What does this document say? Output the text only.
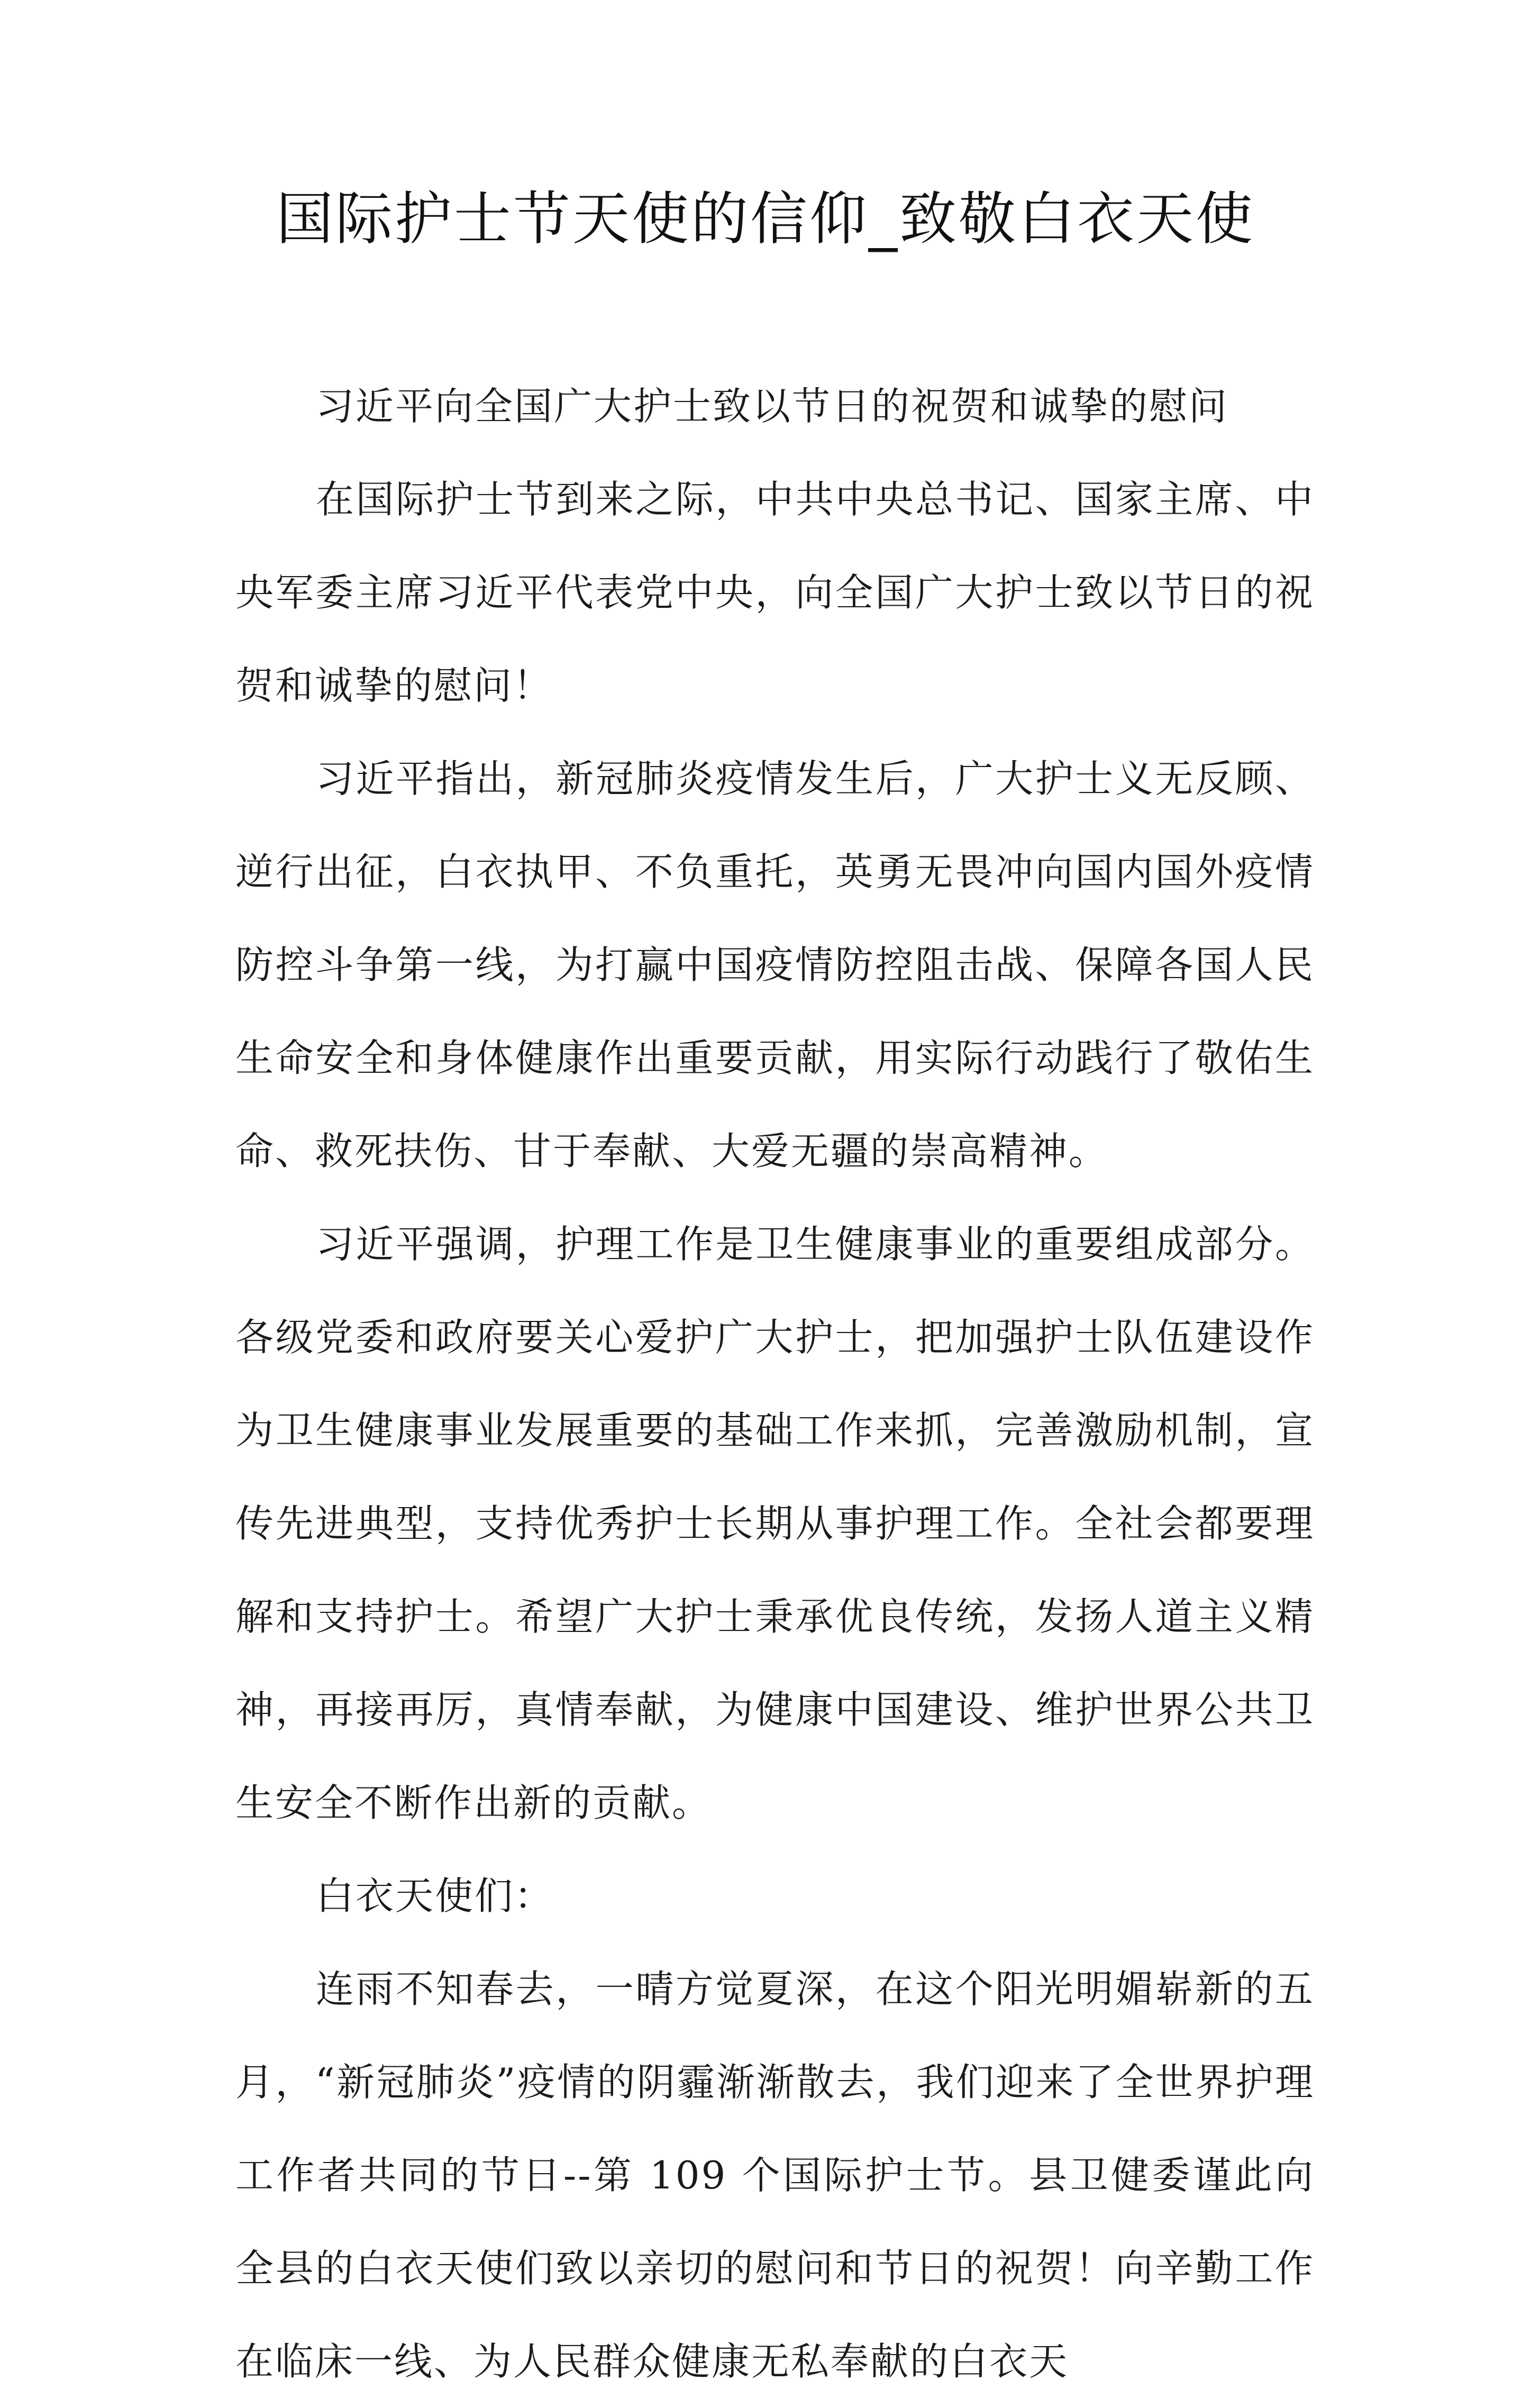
国际护士节天使的信仰_致敬白衣天使

习近平向全国广大护士致以节日的祝贺和诚挚的慰问

在国际护士节到来之际，中共中央总书记、国家主席、中央军委主席习近平代表党中央，向全国广大护士致以节日的祝贺和诚挚的慰问！

习近平指出，新冠肺炎疫情发生后，广大护士义无反顾、逆行出征，白衣执甲、不负重托，英勇无畏冲向国内国外疫情防控斗争第一线，为打赢中国疫情防控阻击战、保障各国人民生命安全和身体健康作出重要贡献，用实际行动践行了敬佑生命、救死扶伤、甘于奉献、大爱无疆的崇高精神。

习近平强调，护理工作是卫生健康事业的重要组成部分。各级党委和政府要关心爱护广大护士，把加强护士队伍建设作为卫生健康事业发展重要的基础工作来抓，完善激励机制，宣传先进典型，支持优秀护士长期从事护理工作。全社会都要理解和支持护士。希望广大护士秉承优良传统，发扬人道主义精神，再接再厉，真情奉献，为健康中国建设、维护世界公共卫生安全不断作出新的贡献。

白衣天使们：

连雨不知春去，一晴方觉夏深，在这个阳光明媚崭新的五月，“新冠肺炎”疫情的阴霾渐渐散去，我们迎来了全世界护理工作者共同的节日--第 109 个国际护士节。县卫健委谨此向全县的白衣天使们致以亲切的慰问和节日的祝贺！向辛勤工作在临床一线、为人民群众健康无私奉献的白衣天
